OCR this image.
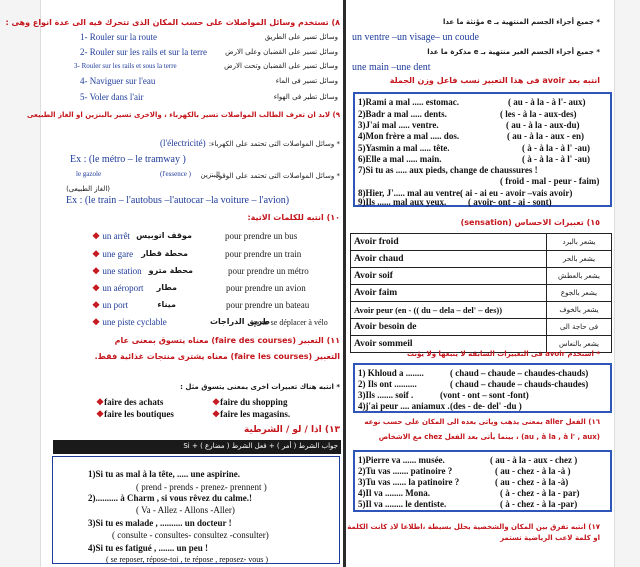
٨) تستخدم وسائل المواصلات على حسب المكان الذى تتحرك فيه الى عدة انواع وهى :
1- Rouler sur la route	وسائل تسير على الطريق
2- Rouler sur les rails et sur la terre	وسائل تسير على القضبان وعلى الارض
3- Rouler sur les rails et sous la terre	وسائل تسير على القضبان وتحت الارض
4- Naviguer sur l'eau	وسائل تسير فى الماء
5- Voler dans l'air	وسائل تطير فى الهواء
٩) لابد ان تعرف الطالب المواصلات تسير بالكهرباء ، والاخرى تسير بالبنزين او الغاز الطبيعى
* وسائل المواصلات التى تحتمد على الكهرباء:
(l'électricité)
Ex : (le métro – le tramway )
* وسائل المواصلات التى تحتمد على الوقود
(l'essence ) البنزين
le gazole
(الغاز الطبيعى)
Ex : (le train – l'autobus –l'autocar –la voiture – l'avion)
١٠) انتبه للكلمات الاتية:
❖ un arrêt موقف اتوبيس	pour prendre un bus
❖ une gare محطة قطار	pour prendre un train
❖ une station محطة مترو	pour prendre un métro
❖ un aéroport مطار	pour prendre un avion
❖ un port	ميناء	pour prendre un bateau
❖ une piste cyclable	طريق الدراجات
pour se déplacer à vélo
١١) التعبير (faire des courses) معناه يتسوق بمعنى عام
التعبير (faire les courses) معناه يشترى منتجات غذائية فقط.
* انتبه هناك تعبيرات اخرى بمعنى يتسوق مثل :
❖faire des achats	❖faire du shopping
❖faire les boutiques	❖faire les magasins.
١٣) اذا / لو / الشرطية
جواب الشرط ( أمر ) + فعل الشرط ( مضارع ) + Si
1)Si tu as mal à la tête, ..... une aspirine.
( prend - prends - prenez- prennent )
2).......... à Charm , si vous rêvez du calme.!
( Va - Allez - Allons -Aller)
3)Si tu es malade , .......... un docteur !
( consulte - consultes- consultez -consulter)
4)Si tu es fatigué , ....... un peu !
( se reposer, répose-toi , te répose , reposez- vous )
* جميع أجزاء الجسم المنتهية بـ e مؤنثة ما عدا
un ventre –un visage– un coude
* جميع أجزاء الجسم الغير منتهية بـ e مذكرة ما عدا
une main –une dent
انتبه بعد avoir فى هذا التعبير نسب فاعل وزن الجملة
1)Rami a mal ..... estomac.	( au - à la - à l'- aux)
2)Badr a mal ..... dents.	( les - à la - aux-des)
3)J'ai mal ..... ventre.	( au - à la - aux-du)
4)Mon frère a mal ..... dos.	( au - à la - aux - en)
5)Yasmin a mal ..... tête.	( à - à la - à l' -au)
6)Elle a mal ..... main.	( à - à la - à l' -au)
7)Si tu as ..... aux pieds, change de chaussures !
( froid - mal - peur - faim)
8)Hier, J'..... mal au ventre.
( ai - ai eu - avoir –vais avoir)
9)Ils ...... mal aux yeux. ( avoir- ont - ai - sont)
١٥) تعبيرات الاحساس (sensation)
Avoir froid	يشعر بالبرد
Avoir chaud	يشعر بالحر
Avoir soif	يشعر بالعطش
Avoir faim	يشعر بالجوع
Avoir peur (en - (( du – dela – del' – des))	يشعر بالخوف
Avoir besoin de	فى حاجة الى
Avoir sommeil	يشعر بالنعاس
* استخدم avoir فى التعبيرات السابقة لا يتبعها ولا يؤنث
1) Khloud a ........	( chaud – chaude – chaudes-chauds)
2) Ils ont ..........	( chaud – chaude – chauds-chaudes)
3)Ils ....... soif .	(vont - ont – sont -font)
4)j'ai peur .... aniamux . (des - de- del' -du )
١٦) الفعل aller بمعنى يذهب وياتى بعده الى المكان على حسب نوعه
(au , à la , à l' , aux) ، بينما يأتى بعد الفعل chez مع الاشخاص
1)Pierre va ...... musée.	( au - à la - aux - chez )
2)Tu vas ....... patinoire ?	( au - chez - à la -à )
3)Tu vas ...... la patinoire ?	( au - chez - à la -à)
4)Il va ........ Mona.	( à - chez - à la - par)
5)Il va ........ le dentiste.	( à - chez - à la -par)
١٧) انتبه تفرق بين المكان والشخصية بحلل بسيطة ،اطلاعا لاذ كانت الكلمة او كلمة لاعب الرياضية تستمر
